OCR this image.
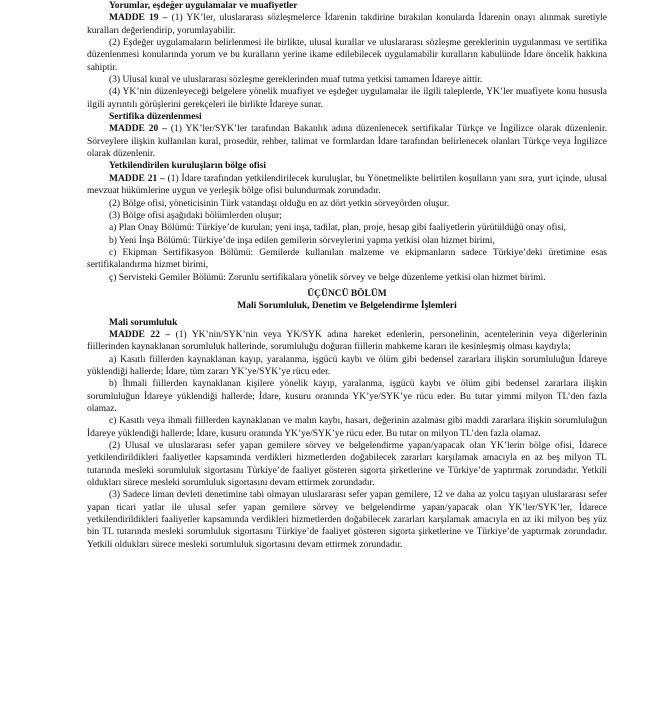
Yorumlar, eşdeğer uygulamalar ve muafiyetler

MADDE 19 – (1) YK’ler, uluslararası sözleşmelerce İdarenin takdirine bırakılan konularda İdarenin onayı alınmak suretiyle kuralları değerlendirip, yorumlayabilir.

(2) Eşdeğer uygulamaların belirlenmesi ile birlikte, ulusal kurallar ve uluslararası sözleşme gereklerinin uygulanması ve sertifika düzenlenmesi konularında yorum ve bu kuralların yerine ikame edilebilecek uygulamabilir kuralların kabulünde İdare öncelik hakkına sahiptir.

(3) Ulusal kural ve uluslararası sözleşme gereklerinden muaf tutma yetkisi tamamen İdareye aittir.

(4) YK’nin düzenleyeceği belgelere yönelik muafiyet ve eşdeğer uygulamalar ile ilgili taleplerde, YK’ler muafiyete konu hususla ilgili ayrıntılı görüşlerini gerekçeleri ile birlikte İdareye sunar.

Sertifika düzenlenmesi

MADDE 20 – (1) YK’ler/SYK’ler tarafından Bakanlık adına düzenlenecek sertifikalar Türkçe ve İngilizce olarak düzenlenir. Sörveylere ilişkin kullanılan kural, prosedür, rehber, talimat ve formlardan İdare tarafından belirlenecek olanları Türkçe veya İngilizce olarak düzenlenir.

Yetkilendirilen kuruluşların bölge ofisi

MADDE 21 – (1) İdare tarafından yetkilendirilecek kuruluşlar, bu Yönetmelikte belirtilen koşulların yanı sıra, yurt içinde, ulusal mevzuat hükümlerine uygun ve yerleşik bölge ofisi bulundurmak zorundadır.

(2) Bölge ofisi, yöneticisinin Türk vatandaşı olduğu en az dört yetkin sörveyörden oluşur.

(3) Bölge ofisi aşağıdaki bölümlerden oluşur;

a) Plan Onay Bölümü: Türkiye’de kurulan; yeni inşa, tadilat, plan, proje, hesap gibi faaliyetlerin yürütüldüğü onay ofisi,

b) Yeni İnşa Bölümü: Türkiye’de inşa edilen gemilerin sörveylerini yapma yetkisi olan hizmet birimi,

c) Ekipman Sertifikasyon Bölümü: Gemilerde kullanılan malzeme ve ekipmanların sadece Türkiye’deki üretimine esas sertifikalandırma hizmet birimi,

ç) Servisteki Gemiler Bölümü: Zorunlu sertifikalara yönelik sörvey ve belge düzenleme yetkisi olan hizmet birimi.

ÜÇÜNCÜ BÖLÜM

Mali Sorumluluk, Denetim ve Belgelendirme İşlemleri

Mali sorumluluk

MADDE 22 – (1) YK’nin/SYK’nin veya YK/SYK adına hareket edenlerin, personelinin, acentelerinin veya diğerlerinin fiillerinden kaynaklanan sorumluluk hallerinde, sorumluluğu doğuran fiillerin mahkeme kararı ile kesinleşmiş olması kaydıyla;

a) Kasıtlı fiillerden kaynaklanan kayıp, yaralanma, işgücü kaybı ve ölüm gibi bedensel zararlara ilişkin sorumluluğun İdareye yüklendiği hallerde; İdare, tüm zararı YK’ye/SYK’ye rücu eder.

b) İhmali fiillerden kaynaklanan kişilere yönelik kayıp, yaralanma, işgücü kaybı ve ölüm gibi bedensel zararlara ilişkin sorumluluğun İdareye yüklendiği hallerde; İdare, kusuru oranında YK’ye/SYK’ye rücu eder. Bu tutar yimmi milyon TL’den fazla olamaz.

c) Kasıtlı veya ihmali fiillerden kaynaklanan ve malın kaybı, hasarı, değerinin azalması gibi maddi zararlara ilişkin sorumluluğun İdareye yüklendiği hallerde; İdare, kusuru oranında YK’ye/SYK’ye rücu eder. Bu tutar on milyon TL’den fazla olamaz.

(2) Ulusal ve uluslararası sefer yapan gemilere sörvey ve belgelendirme yapan/yapacak olan YK’lerin bölge ofisi, İdarece yetkilendirildikleri faaliyetler kapsamında verdikleri hizmetlerden doğabilecek zararları karşılamak amacıyla en az beş milyon TL tutarında mesleki sorumluluk sigortasını Türkiye’de faaliyet gösteren sigorta şirketlerine ve Türkiye’de yaptırmak zorundadır. Yetkili oldukları sürece mesleki sorumluluk sigortasını devam ettirmek zorundadır.

(3) Sadece liman devleti denetimine tabi olmayan uluslararası sefer yapan gemilere, 12 ve daha az yolcu taşıyan uluslararası sefer yapan ticari yatlar ile ulusal sefer yapan gemilere sörvey ve belgelendirme yapan/yapacak olan YK’ler/SYK’ler, İdarece yetkilendirildikleri faaliyetler kapsamında verdikleri hizmetlerden doğabilecek zararları karşılamak amacıyla en az iki milyon beş yüz bin TL tutarında mesleki sorumluluk sigortasını Türkiye’de faaliyet gösteren sigorta şirketlerine ve Türkiye’de yaptırmak zorundadır. Yetkili oldukları sürece mesleki sorumluluk sigortasını devam ettirmek zorundadır.
